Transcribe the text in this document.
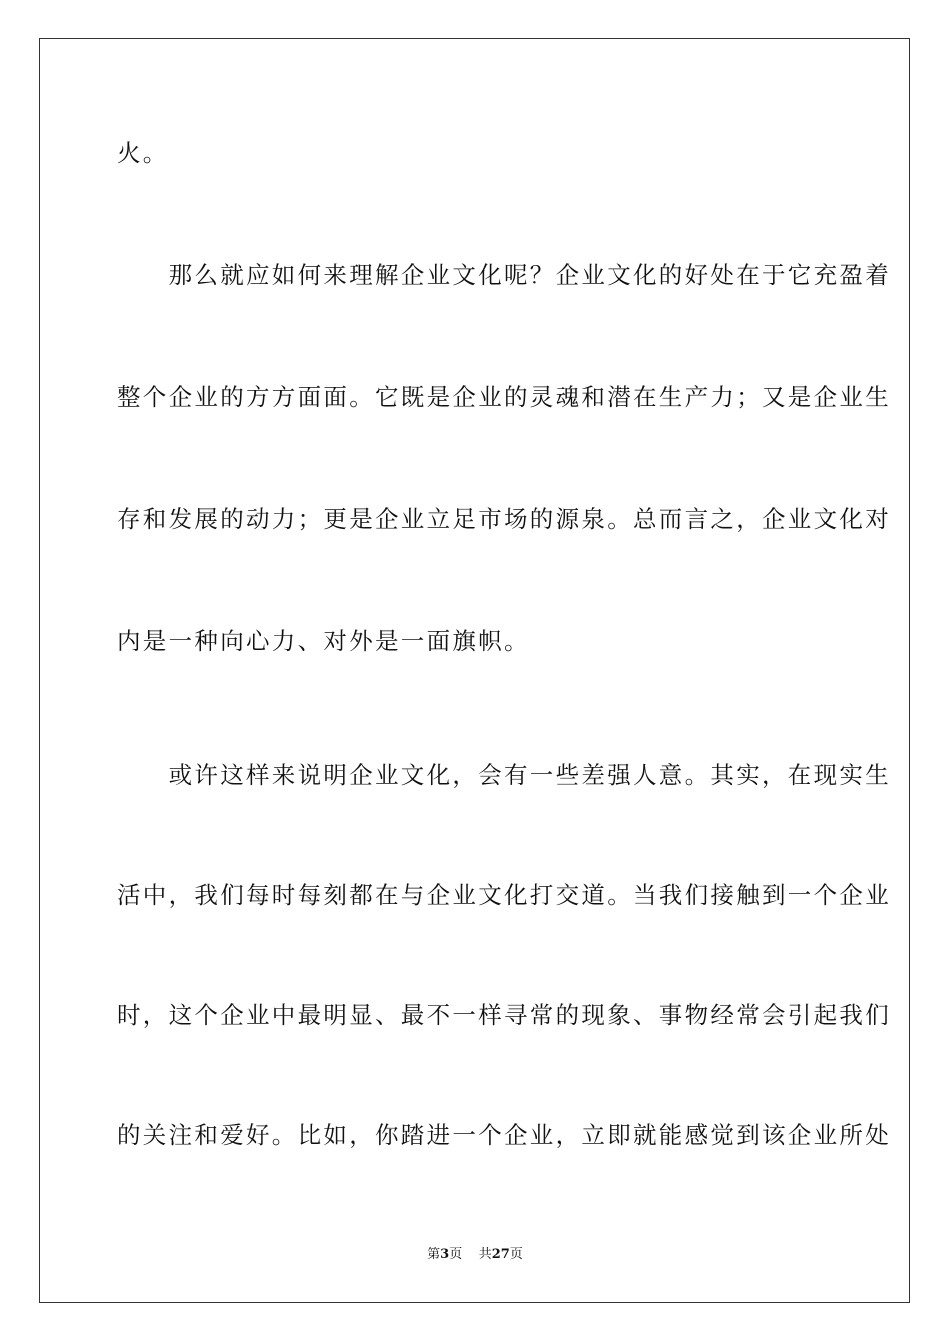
火。
　　那么就应如何来理解企业文化呢？企业文化的好处在于它充盈着
整个企业的方方面面。它既是企业的灵魂和潜在生产力；又是企业生
存和发展的动力；更是企业立足市场的源泉。总而言之，企业文化对
内是一种向心力、对外是一面旗帜。
　　或许这样来说明企业文化，会有一些差强人意。其实，在现实生
活中，我们每时每刻都在与企业文化打交道。当我们接触到一个企业
时，这个企业中最明显、最不一样寻常的现象、事物经常会引起我们
的关注和爱好。比如，你踏进一个企业，立即就能感觉到该企业所处
第3页 共27页
